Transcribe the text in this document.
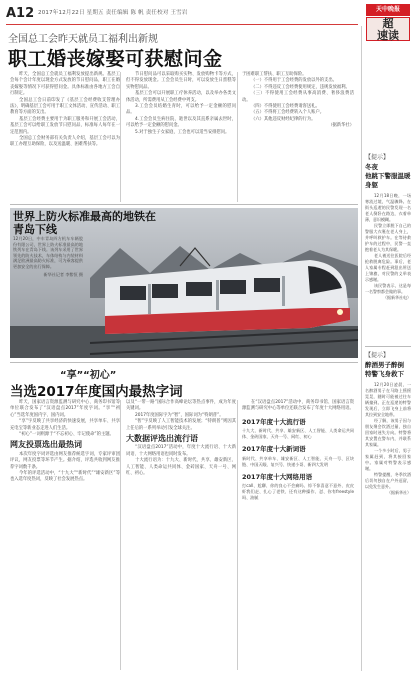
A12 2017年12月22日 星期五 责任编辑 陈 帆 责任校对 王雪岩	天中晚报
超
速读
全国总工会昨天就员工福利出新规
职工婚丧嫁娶可获慰问金

昨天，全国总工会就员工福利发放提出新规。基层工会每个会计年度以现金方式发放的节日慰问品，职工在婚丧嫁娶等情况下可获得慰问金。具体标准由各地方工会自行制定。

全国总工会日前印发了《基层工会经费收支管理办法》，明确基层工会可用于职工文体活动、宣传活动、职工教育等方面的支出。

基层工会经费主要用于为职工服务和开展工会活动，基层工会可以给职工发放节日慰问品，标准每人每年在一定范围内。

全国总工会财务部有关负责人介绍，基层工会可以为职工办理互助保险，以及送温暖、困难帮扶等。

节日慰问品可以采取购买实物、发放购物卡等方式，但不得发放现金。工会会员生日时，可以发放生日蛋糕等实物慰问品。

基层工会可以开展职工疗休养活动，以及举办各类文体活动，所需费用从工会经费中列支。

3.工会会员结婚生育时，可以给予一定金额的慰问品。

4.工会会员生病住院、逝世以及其直系亲属去世时，可以给予一定金额的慰问金。

5.对于独生子女家庭，工会也可以适当安排慰问。

于困难职工帮扶、职工互助保险。

（一）不得用于工会经费的发放以外的支出。

（二）不得违反工会经费使用规定，违规发放福利。

（三）不得使用工会经费从事高消费、奢侈浪费活动。

（四）不得使用工会经费请客送礼。

（五）不得将工会经费转入个人账户。

（六）其他违反财经纪律的行为。

（据新华社）

世界上防火标准最高的地铁在青岛下线
12月20日，中车青岛四方机车车辆股份有限公司，世界上防火标准最高的地铁列车在青岛下线。该列车采用了世界领先的防火技术，车体结构与内装材料满足欧洲最高防火标准，可为乘客提供更加安全的出行保障。
新华社记者 李紫恒 摄
“享”“初心”
当选2017年度国内最热字词

昨天，国家语言资源监测与研究中心、商务印书馆等单位联合发布了“汉语盘点2017”年度字词。“享”“初心”当选年度国内字、国内词。

“享”字反映了共享经济的快速发展，共享单车、共享充电宝等新业态走进人们生活。

“初心”一词则源于“不忘初心、牢记使命”的主题。

网友投票选出最热词

本次年度字词评选由网友推荐候选字词，专家评审团评议，网友投票等环节产生。据介绍，评选共收到网友推荐字词数千条。

今年的评选活动中，“十九大”“新时代”“雄安新区”等也入选年度热词，反映了社会发展热点。

以及“一带一路”国际合作高峰论坛等热点事件，成为年度关键词。

2017年度国际字为“智”，国际词为“特朗普”。

“智”字反映了人工智能技术的发展；“特朗普”则因其上任后的一系列举动引发全球关注。

大数据评选出流行语

“汉语盘点2017”活动中，年度十大流行语、十大新词语、十大网络用语也同时发布。

十大流行语为：十九大、新时代、共享、雄安新区、人工智能、人类命运共同体、金砖国家、天舟一号、网红、初心。

在“汉语盘点2017”活动中，商务印书馆、国家语言资源监测与研究中心等单位还联合发布了年度十大网络用语。

2017年度十大流行语
十九大、新时代、共享、雄安新区、人工智能、人类命运共同体、金砖国家、天舟一号、网红、初心
2017年度十大新词语
新时代、共享单车、雄安新区、人工智能、天舟一号、区块链、中国天眼、复兴号、快递小哥、新四大发明
2017年度十大网络用语
打call、尬聊、你的良心不会痛吗、惊不惊喜意不意外、皮皮虾我们走、扎心了老铁、还有这种操作、怼、你有freestyle吗、油腻
【提示】
冬夜
他跳下警服温暖身躯

12月18日晚，一场寒流过境，气温骤降。在街头巡逻的民警发现一名老人倒卧在路边，衣着单薄，意识模糊。

民警立即脱下自己的警服大衣裹在老人身上，并呼叫救护车。在等待救护车的过程中，民警一直抱着老人为其保暖。

老人被送往医院后经抢救脱离危险。事后，老人家属专程赶到派出所送上锦旗，对民警的义举表示感谢。

该民警表示，这是每一名警察都会做的事。

（据新华社电）

【提示】
醉酒男子醉倒
特警飞身救下

12月20日凌晨，一名醉酒男子在马路上摇摇晃晃，随时可能被过往车辆撞到。正在巡逻的特警发现后，立即飞身上前将其拉到安全地带。

经了解，该男子因与朋友聚会饮酒过量，独自回家时迷失方向。特警将其安置在警车内，并联系其家属。

一个多小时后，男子家属赶到，将其接回家中。家属对特警表示感谢。

特警提醒，冬季饮酒后切勿独自在户外逗留，以免发生意外。

（据新华社）
